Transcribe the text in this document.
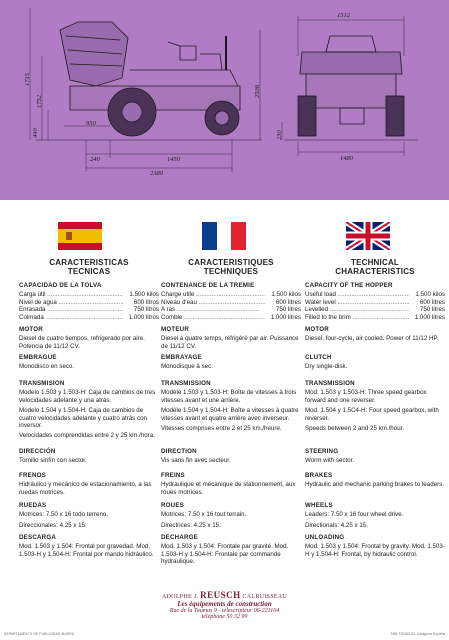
1512
1480
1715
1752
2508
440
950
240	1450
2380
230
CARACTERISTICAS
TECNICAS
CAPACIDAD DE LA TOLVA
Carga útil .....	1.500 kilos
Nivel de agua .....	600 litros
Enrasada .....	750 litros
Colmada .....	1.000 litros
MOTOR
Diesel de cuatro tiempos, refrigerado por aire. Potencia de 11/12 CV.
EMBRAGUE
Monodisco en seco.
TRANSMISION
Modelo 1.503 y 1.503-H: Caja de cambios de tres velocidades adelante y una atrás.
Modelo 1.504 y 1.504-H. Caja de cambios de cuatro velocidades adelante y cuatro atrás con inversor.
Velocidades comprendidas entre 2 y 25 km./hora.
DIRECCIÓN
Tornillo sinfín con sector.
FRENOS
Hidráulico y mecánico de estacionamiento, a las ruedas motrices.
RUEDAS
Motrices: 7.50 x 16 todo terreno.
Direccionales: 4.25 x 15.
DESCARGA
Mod. 1.503 y 1.504: Frontal por gravedad. Mod. 1.503-H y 1.504-H: Frontal por mando hidráulico.
CARACTERISTIQUES
TECHNIQUES
CONTENANCE DE LA TREMIE
Charge utile .....	1.500 kilos
Niveau d'eau .....	600 litres
A ras .....	750 litres
Comble .....	1.000 litres
MOTEUR
Diesel à quatre temps, réfrigéré par air. Puissance de 11/12 CV.
EMBRAYAGE
Monodisque à sec.
TRANSMISSION
Modèle 1.503 y 1.503-H: Boîte de vitesses à trois vitesses avant et une arrière.
Modèle 1.504 y 1.504-H: Boîte a vitesses à quatre vitesses avant et quatre arrière avec inverseur.
Vitesses comprises entre 2 et 25 km./heure.
DIRECTION
Vis sans fin avec secteur.
FREINS
Hydraulique et mécanique de stationnement, aux roues motrices.
ROUES
Motrices: 7.50 x 16 tout terrain.
Directrices: 4.25 x 15.
DECHARGE
Mod. 1.503 y 1.504: Frontale par gravité. Mod. 1.503-H y 1.504-H: Frontale par commande hydraulique.
TECHNICAL
CHARACTERISTICS
CAPACITY OF THE HOPPER
Useful load .....	1.500 kilos
Water level .....	600 litres
Levelled .....	750 litres
Filled to the brim .....	1.000 litres
MOTOR
Diesel, four-cycle, air cooled. Power of 11/12 HP.
CLUTCH
Dry single-disk.
TRANSMISSION
Mod. 1.503 y 1.503-H: Three speed gearbox forward and one reverser.
Mod. 1.504 y 1.5C4-H: Four speed gearbox, with reverser.
Speeds between 2 and 25 km./hour.
STEERING
Worm with sector.
BRAKES
Hydraulic and mechanic parking brakes to leaders.
WHEELS
Leaders: 7.50 x 16 four wheel drive.
Directionals: 4.25 x 15.
UNLOADING
Mod. 1.503 y 1.504: Frontal by gravity. Mod. 1.503-H y 1.504-H: Frontal, by hidraulic control.
ADOLPHE J. REUSCH CALRUISSEAU
Les équipements de construction
Rue de la Taumas 9 - télescripteur 06-221164
téléphone 50 32 99
DEPARTAMENTO DE PUBLICIDAD MUREA	SSB FONDEOS Zaragoza España
